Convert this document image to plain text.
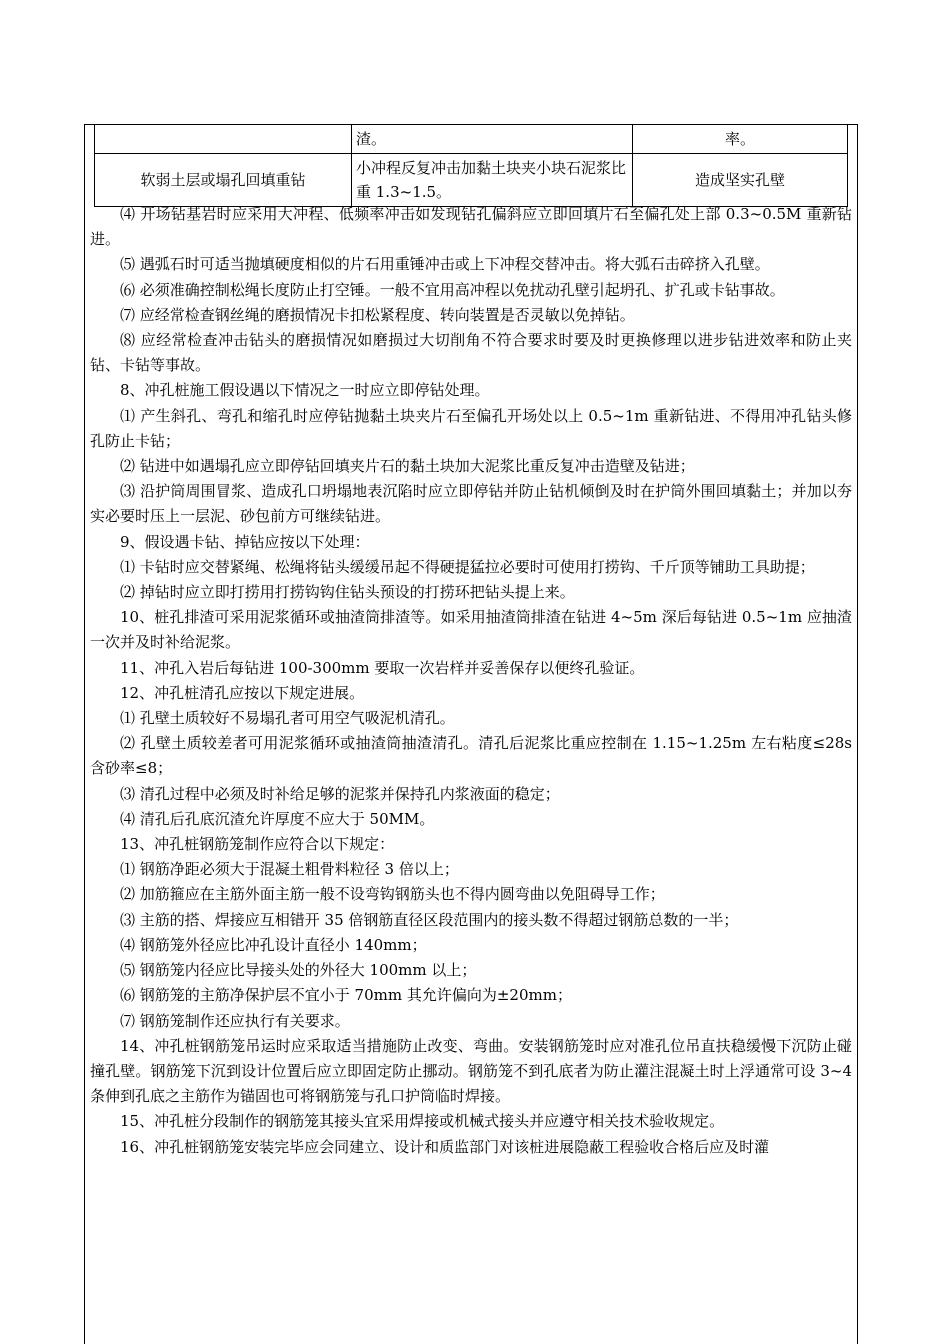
	渣。	率。
软弱土层或塌孔回填重钻	小冲程反复冲击加黏土块夹小块石泥浆比重 1.3~1.5。	造成坚实孔壁

⑷ 开场钻基岩时应采用大冲程、低频率冲击如发现钻孔偏斜应立即回填片石至偏孔处上部 0.3~0.5M 重新钻进。

⑸ 遇弧石时可适当抛填硬度相似的片石用重锤冲击或上下冲程交替冲击。将大弧石击碎挤入孔壁。

⑹ 必须准确控制松绳长度防止打空锤。一般不宜用高冲程以免扰动孔壁引起坍孔、扩孔或卡钻事故。

⑺ 应经常检查钢丝绳的磨损情况卡扣松紧程度、转向装置是否灵敏以免掉钻。

⑻ 应经常检查冲击钻头的磨损情况如磨损过大切削角不符合要求时要及时更换修理以进步钻进效率和防止夹钻、卡钻等事故。

8、冲孔桩施工假设遇以下情况之一时应立即停钻处理。

⑴ 产生斜孔、弯孔和缩孔时应停钻抛黏土块夹片石至偏孔开场处以上 0.5~1m 重新钻进、不得用冲孔钻头修孔防止卡钻；

⑵ 钻进中如遇塌孔应立即停钻回填夹片石的黏土块加大泥浆比重反复冲击造壁及钻进；

⑶ 沿护筒周围冒浆、造成孔口坍塌地表沉陷时应立即停钻并防止钻机倾倒及时在护筒外围回填黏土；并加以夯实必要时压上一层泥、砂包前方可继续钻进。

9、假设遇卡钻、掉钻应按以下处理：

⑴ 卡钻时应交替紧绳、松绳将钻头缓缓吊起不得硬提猛拉必要时可使用打捞钩、千斤顶等铺助工具助提；

⑵ 掉钻时应立即打捞用打捞钩钩住钻头预设的打捞环把钻头提上来。

10、桩孔排渣可采用泥浆循环或抽渣筒排渣等。如采用抽渣筒排渣在钻进 4~5m 深后每钻进 0.5~1m 应抽渣一次并及时补给泥浆。

11、冲孔入岩后每钻进 100-300mm 要取一次岩样并妥善保存以便终孔验证。

12、冲孔桩清孔应按以下规定进展。

⑴ 孔壁土质较好不易塌孔者可用空气吸泥机清孔。

⑵ 孔壁土质较差者可用泥浆循环或抽渣筒抽渣清孔。清孔后泥浆比重应控制在 1.15~1.25m 左右粘度≤28s 含砂率≤8；

⑶ 清孔过程中必须及时补给足够的泥浆并保持孔内浆液面的稳定；

⑷ 清孔后孔底沉渣允许厚度不应大于 50MM。

13、冲孔桩钢筋笼制作应符合以下规定：

⑴ 钢筋净距必须大于混凝土粗骨料粒径 3 倍以上；

⑵ 加筋箍应在主筋外面主筋一般不设弯钩钢筋头也不得内圆弯曲以免阻碍导工作；

⑶ 主筋的搭、焊接应互相错开 35 倍钢筋直径区段范围内的接头数不得超过钢筋总数的一半；

⑷ 钢筋笼外径应比冲孔设计直径小 140mm；

⑸ 钢筋笼内径应比导接头处的外径大 100mm 以上；

⑹ 钢筋笼的主筋净保护层不宜小于 70mm 其允许偏向为±20mm；

⑺ 钢筋笼制作还应执行有关要求。

14、冲孔桩钢筋笼吊运时应采取适当措施防止改变、弯曲。安装钢筋笼时应对准孔位吊直扶稳缓慢下沉防止碰撞孔壁。钢筋笼下沉到设计位置后应立即固定防止挪动。钢筋笼不到孔底者为防止灌注混凝土时上浮通常可设 3~4 条伸到孔底之主筋作为锚固也可将钢筋笼与孔口护筒临时焊接。

15、冲孔桩分段制作的钢筋笼其接头宜采用焊接或机械式接头并应遵守相关技术验收规定。

16、冲孔桩钢筋笼安装完毕应会同建立、设计和质监部门对该桩进展隐蔽工程验收合格后应及时灌
